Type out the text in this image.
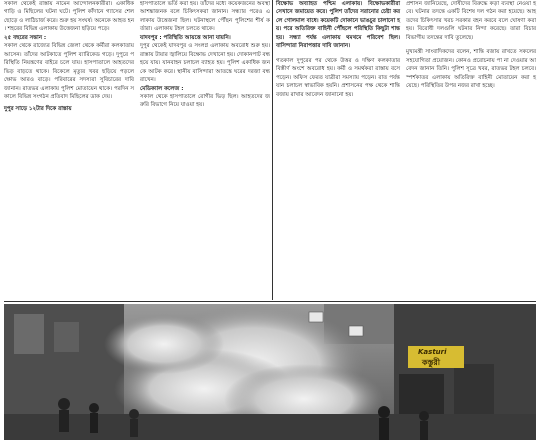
সকাল থেকেই রাস্তায় নামেন আন্দোলনকারীরা। একাধিক গাড়ি ও মিছিলের ঘটনা ঘটে। পুলিশ কাঁদানে গ্যাসের শেল ছোড়ে ও লাঠিচার্জ করে। শুরু হয় সংঘর্ষ। অনেকে আহত হন। শহরের বিভিন্ন এলাকায় উত্তেজনা ছড়িয়ে পড়ে।

২৫ বছরের সন্তান :

সকাল থেকে রাজ্যের বিভিন্ন জেলা থেকে কর্মীরা কলকাতায় আসেন। তাঁদের আটকাতে পুলিশ ব্যারিকেড গড়ে। দুপুরে পরিস্থিতি নিয়ন্ত্রণের বাইরে চলে যায়। হাসপাতালে আহতদের ভিড় বাড়তে থাকে। বিকেলে মৃত্যুর খবর ছড়িয়ে পড়লে ক্ষোভ আরও বাড়ে। পরিবারের সদস্যরা সুবিচারের দাবি জানান। রাতভর এলাকায় পুলিশ মোতায়েন থাকে। পরদিন সকালে বিভিন্ন সংগঠন প্রতিবাদ মিছিলের ডাক দেয়।

দুপুর সাড়ে ১২টার দিকে রাস্তায়

হাসপাতালে ভর্তি করা হয়। তাঁদের মধ্যে কয়েকজনের অবস্থা আশঙ্কাজনক বলে চিকিৎসকরা জানান। সন্ধ্যার পরেও এলাকায় উত্তেজনা ছিল। ঘটনাস্থলে পৌঁছন পুলিশের শীর্ষ কর্তারা। এলাকায় টহল চলতে থাকে।

যাদবপুর : পরিস্থিতি আয়ত্তে আনা যায়নি।

দুপুর থেকেই যাদবপুর ও সংলগ্ন এলাকায় অবরোধ শুরু হয়। রাস্তায় টায়ার জ্বালিয়ে বিক্ষোভ দেখানো হয়। দোকানপাট বন্ধ হয়ে যায়। যানবাহন চলাচল ব্যাহত হয়। পুলিশ একাধিক জনকে আটক করে। স্থানীয় বাসিন্দারা আতঙ্কে ঘরের দরজা বন্ধ রাখেন।

মেডিক্যাল কলেজ :

সকাল থেকে হাসপাতালে রোগীর ভিড় ছিল। আহতদের জরুরি বিভাগে নিয়ে যাওয়া হয়।

বিক্ষোভ অব্যাহত পশ্চিম এলাকায়। বিক্ষোভকারীরা সেখানে জমায়েত করে। পুলিশ তাঁদের সরানোর চেষ্টা করলে গোলমাল বাধে। কয়েকটি দোকানে ভাঙচুর চালানো হয়। পরে অতিরিক্ত বাহিনী পৌঁছলে পরিস্থিতি কিছুটা শান্ত হয়। সন্ধ্যা পর্যন্ত এলাকায় থমথমে পরিবেশ ছিল। বাসিন্দারা নিরাপত্তার দাবি জানান।

গতকাল দুপুরের পর থেকে উত্তর ও দক্ষিণ কলকাতার বিস্তীর্ণ অংশে অবরোধ হয়। কর্মী ও সমর্থকরা রাস্তায় বসে পড়েন। অফিস ফেরত যাত্রীরা সমস্যায় পড়েন। রাত পর্যন্ত যান চলাচল স্বাভাবিক হয়নি। প্রশাসনের পক্ষ থেকে শান্তি বজায় রাখার আবেদন জানানো হয়।

প্রশাসন জানিয়েছে, দোষীদের বিরুদ্ধে কড়া ব্যবস্থা নেওয়া হবে। ঘটনার তদন্তে একটি বিশেষ দল গঠন করা হয়েছে। আহতদের চিকিৎসার খরচ সরকার বহন করবে বলে ঘোষণা করা হয়। বিরোধী দলগুলি ঘটনার নিন্দা করেছে। তারা বিচার বিভাগীয় তদন্তের দাবি তুলেছে।

মুখ্যমন্ত্রী সাংবাদিকদের বলেন, শান্তি বজায় রাখতে সকলের সহযোগিতা প্রয়োজন। কোনও প্ররোচনায় পা না দেওয়ার আবেদন জানান তিনি। পুলিশ সূত্রে খবর, রাতভর টহল চলবে। স্পর্শকাতর এলাকায় অতিরিক্ত বাহিনী মোতায়েন করা হয়েছে। পরিস্থিতির উপর নজর রাখা হচ্ছে।

Kasturi
কস্তুরী
